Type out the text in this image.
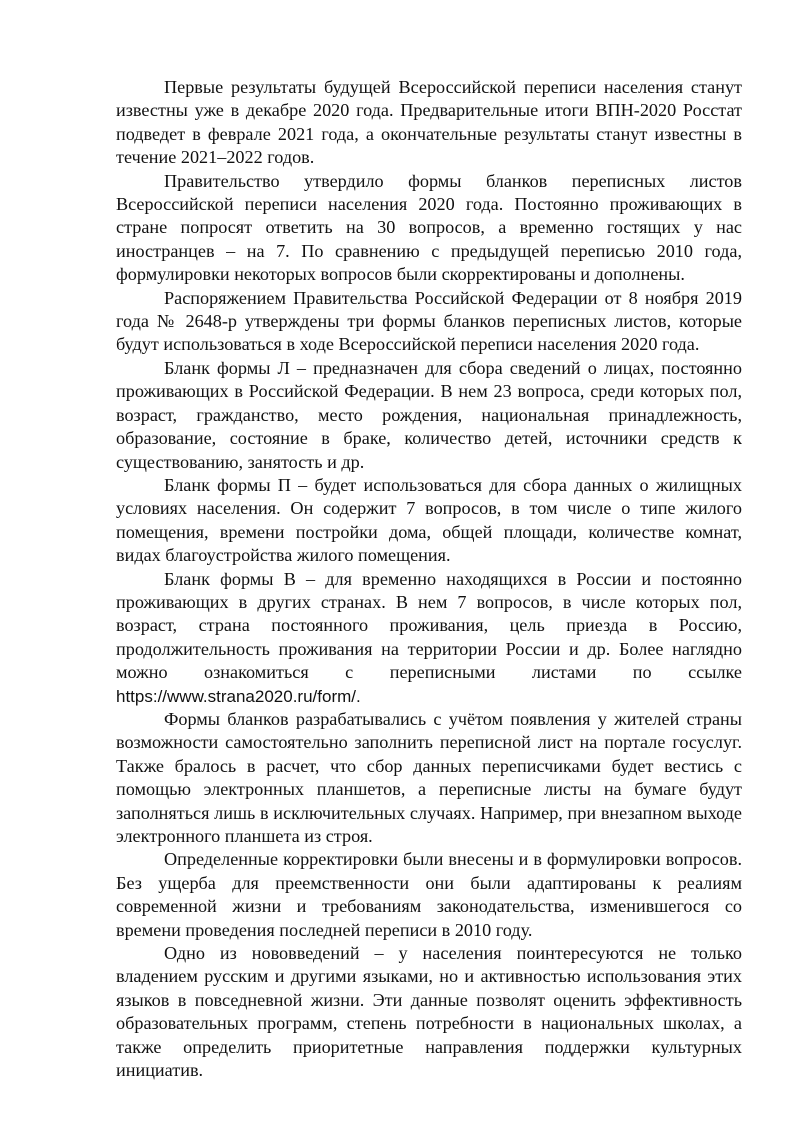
Первые результаты будущей Всероссийской переписи населения станут известны уже в декабре 2020 года. Предварительные итоги ВПН-2020 Росстат подведет в феврале 2021 года, а окончательные результаты станут известны в течение 2021–2022 годов.

Правительство утвердило формы бланков переписных листов Всероссийской переписи населения 2020 года. Постоянно проживающих в стране попросят ответить на 30 вопросов, а временно гостящих у нас иностранцев – на 7. По сравнению с предыдущей переписью 2010 года, формулировки некоторых вопросов были скорректированы и дополнены.

Распоряжением Правительства Российской Федерации от 8 ноября 2019 года № 2648-р утверждены три формы бланков переписных листов, которые будут использоваться в ходе Всероссийской переписи населения 2020 года.

Бланк формы Л – предназначен для сбора сведений о лицах, постоянно проживающих в Российской Федерации. В нем 23 вопроса, среди которых пол, возраст, гражданство, место рождения, национальная принадлежность, образование, состояние в браке, количество детей, источники средств к существованию, занятость и др.

Бланк формы П – будет использоваться для сбора данных о жилищных условиях населения. Он содержит 7 вопросов, в том числе о типе жилого помещения, времени постройки дома, общей площади, количестве комнат, видах благоустройства жилого помещения.

Бланк формы В – для временно находящихся в России и постоянно проживающих в других странах. В нем 7 вопросов, в числе которых пол, возраст, страна постоянного проживания, цель приезда в Россию, продолжительность проживания на территории России и др. Более наглядно можно ознакомиться с переписными листами по ссылке https://www.strana2020.ru/form/.

Формы бланков разрабатывались с учётом появления у жителей страны возможности самостоятельно заполнить переписной лист на портале госуслуг. Также бралось в расчет, что сбор данных переписчиками будет вестись с помощью электронных планшетов, а переписные листы на бумаге будут заполняться лишь в исключительных случаях. Например, при внезапном выходе электронного планшета из строя.

Определенные корректировки были внесены и в формулировки вопросов. Без ущерба для преемственности они были адаптированы к реалиям современной жизни и требованиям законодательства, изменившегося со времени проведения последней переписи в 2010 году.

Одно из нововведений – у населения поинтересуются не только владением русским и другими языками, но и активностью использования этих языков в повседневной жизни. Эти данные позволят оценить эффективность образовательных программ, степень потребности в национальных школах, а также определить приоритетные направления поддержки культурных инициатив.
